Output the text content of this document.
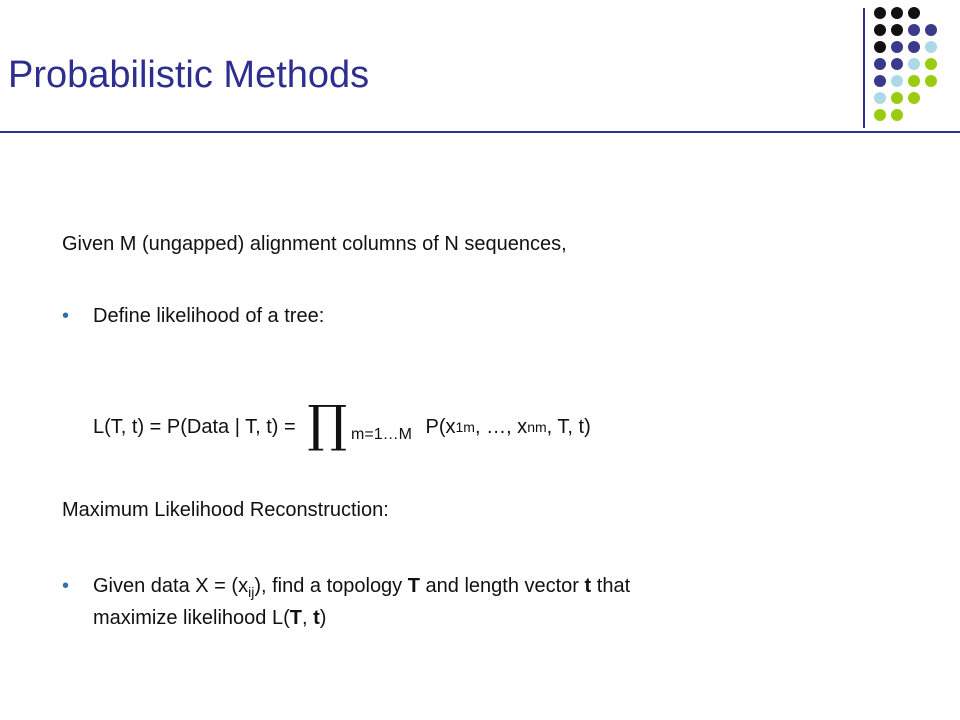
Probabilistic Methods
Given M (ungapped) alignment columns of N sequences,
• Define likelihood of a tree:
L(T, t) = P(Data | T, t) = ∏ m=1…M P(x 1m , …, x nm , T, t)
Maximum Likelihood Reconstruction:
• Given data $X = (x_{ij})$, find a topology T and length vector t that
maximize likelihood L(T, t)
